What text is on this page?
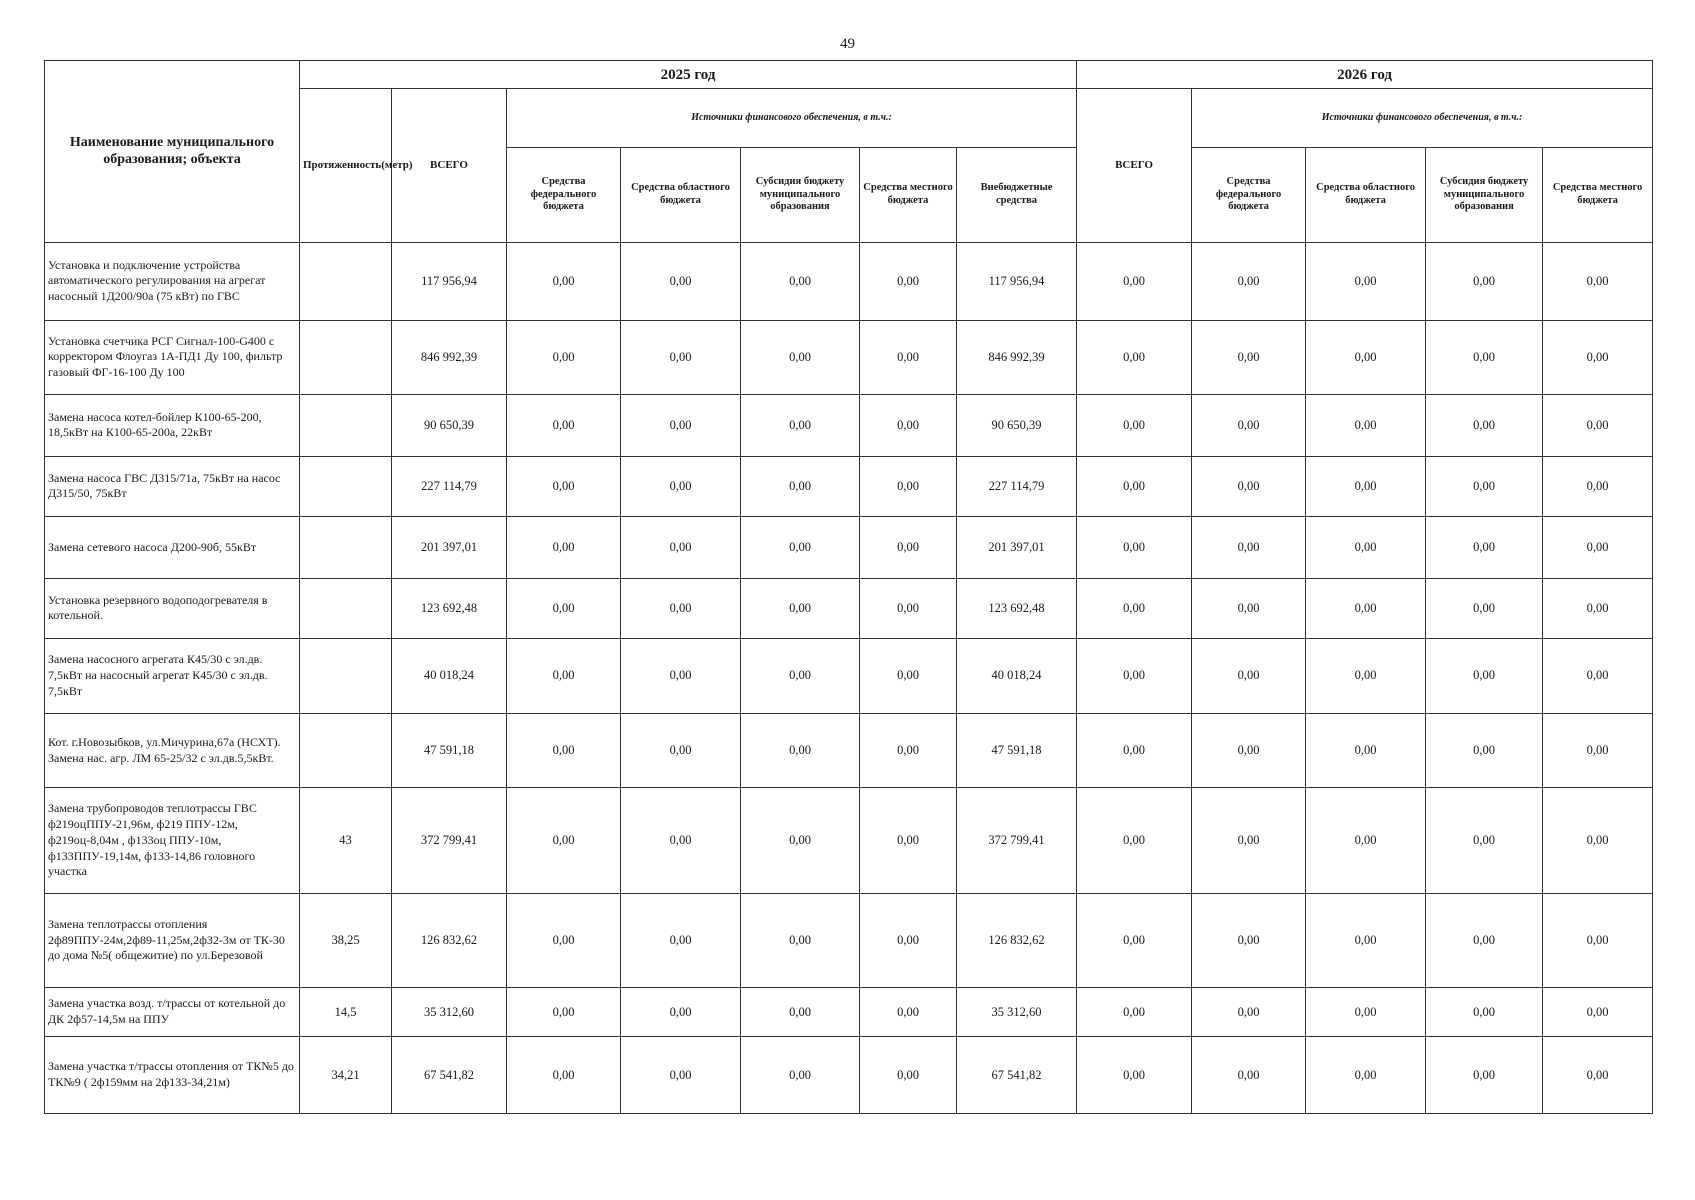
49
Наименование муниципального образования; объекта	2025 год							2026 год				
	Протяженность(метр)	ВСЕГО	Источники финансового обеспечения, в т.ч.:					ВСЕГО	Источники финансового обеспечения, в т.ч.:			
			Средства федерального бюджета	Средства областного бюджета	Субсидия бюджету муниципального образования	Средства местного бюджета	Внебюджетные средства		Средства федерального бюджета	Средства областного бюджета	Субсидия бюджету муниципального образования	Средства местного бюджета
Установка и подключение устройства автоматического регулирования на агрегат насосный 1Д200/90а (75 кВт) по ГВС		117 956,94	0,00	0,00	0,00	0,00	117 956,94	0,00	0,00	0,00	0,00	0,00
Установка счетчика РСГ Сигнал-100-G400 с корректором Флоугаз 1А-ПД1 Ду 100, фильтр газовый ФГ-16-100 Ду 100		846 992,39	0,00	0,00	0,00	0,00	846 992,39	0,00	0,00	0,00	0,00	0,00
Замена насоса котел-бойлер К100-65-200, 18,5кВт на К100-65-200а, 22кВт		90 650,39	0,00	0,00	0,00	0,00	90 650,39	0,00	0,00	0,00	0,00	0,00
Замена насоса ГВС Д315/71а, 75кВт на насос Д315/50, 75кВт		227 114,79	0,00	0,00	0,00	0,00	227 114,79	0,00	0,00	0,00	0,00	0,00
Замена сетевого насоса Д200-90б, 55кВт		201 397,01	0,00	0,00	0,00	0,00	201 397,01	0,00	0,00	0,00	0,00	0,00
Установка резервного водоподогревателя в котельной.		123 692,48	0,00	0,00	0,00	0,00	123 692,48	0,00	0,00	0,00	0,00	0,00
Замена насосного агрегата К45/30 с эл.дв. 7,5кВт на насосный агрегат К45/30 с эл.дв. 7,5кВт		40 018,24	0,00	0,00	0,00	0,00	40 018,24	0,00	0,00	0,00	0,00	0,00
Кот. г.Новозыбков, ул.Мичурина,67а (НСХТ). Замена нас. агр. ЛМ 65-25/32 с эл.дв.5,5кВт.		47 591,18	0,00	0,00	0,00	0,00	47 591,18	0,00	0,00	0,00	0,00	0,00
Замена трубопроводов теплотрассы ГВС ф219оцППУ-21,96м, ф219 ППУ-12м, ф219оц-8,04м , ф133оц ППУ-10м, ф133ППУ-19,14м, ф133-14,86 головного участка	43	372 799,41	0,00	0,00	0,00	0,00	372 799,41	0,00	0,00	0,00	0,00	0,00
Замена теплотрассы отопления 2ф89ППУ-24м,2ф89-11,25м,2ф32-3м от ТК-30 до дома №5( общежитие) по ул.Березовой	38,25	126 832,62	0,00	0,00	0,00	0,00	126 832,62	0,00	0,00	0,00	0,00	0,00
Замена участка возд. т/трассы от котельной до ДК 2ф57-14,5м на ППУ	14,5	35 312,60	0,00	0,00	0,00	0,00	35 312,60	0,00	0,00	0,00	0,00	0,00
Замена участка т/трассы отопления от ТК№5 до ТК№9 ( 2ф159мм на 2ф133-34,21м)	34,21	67 541,82	0,00	0,00	0,00	0,00	67 541,82	0,00	0,00	0,00	0,00	0,00
